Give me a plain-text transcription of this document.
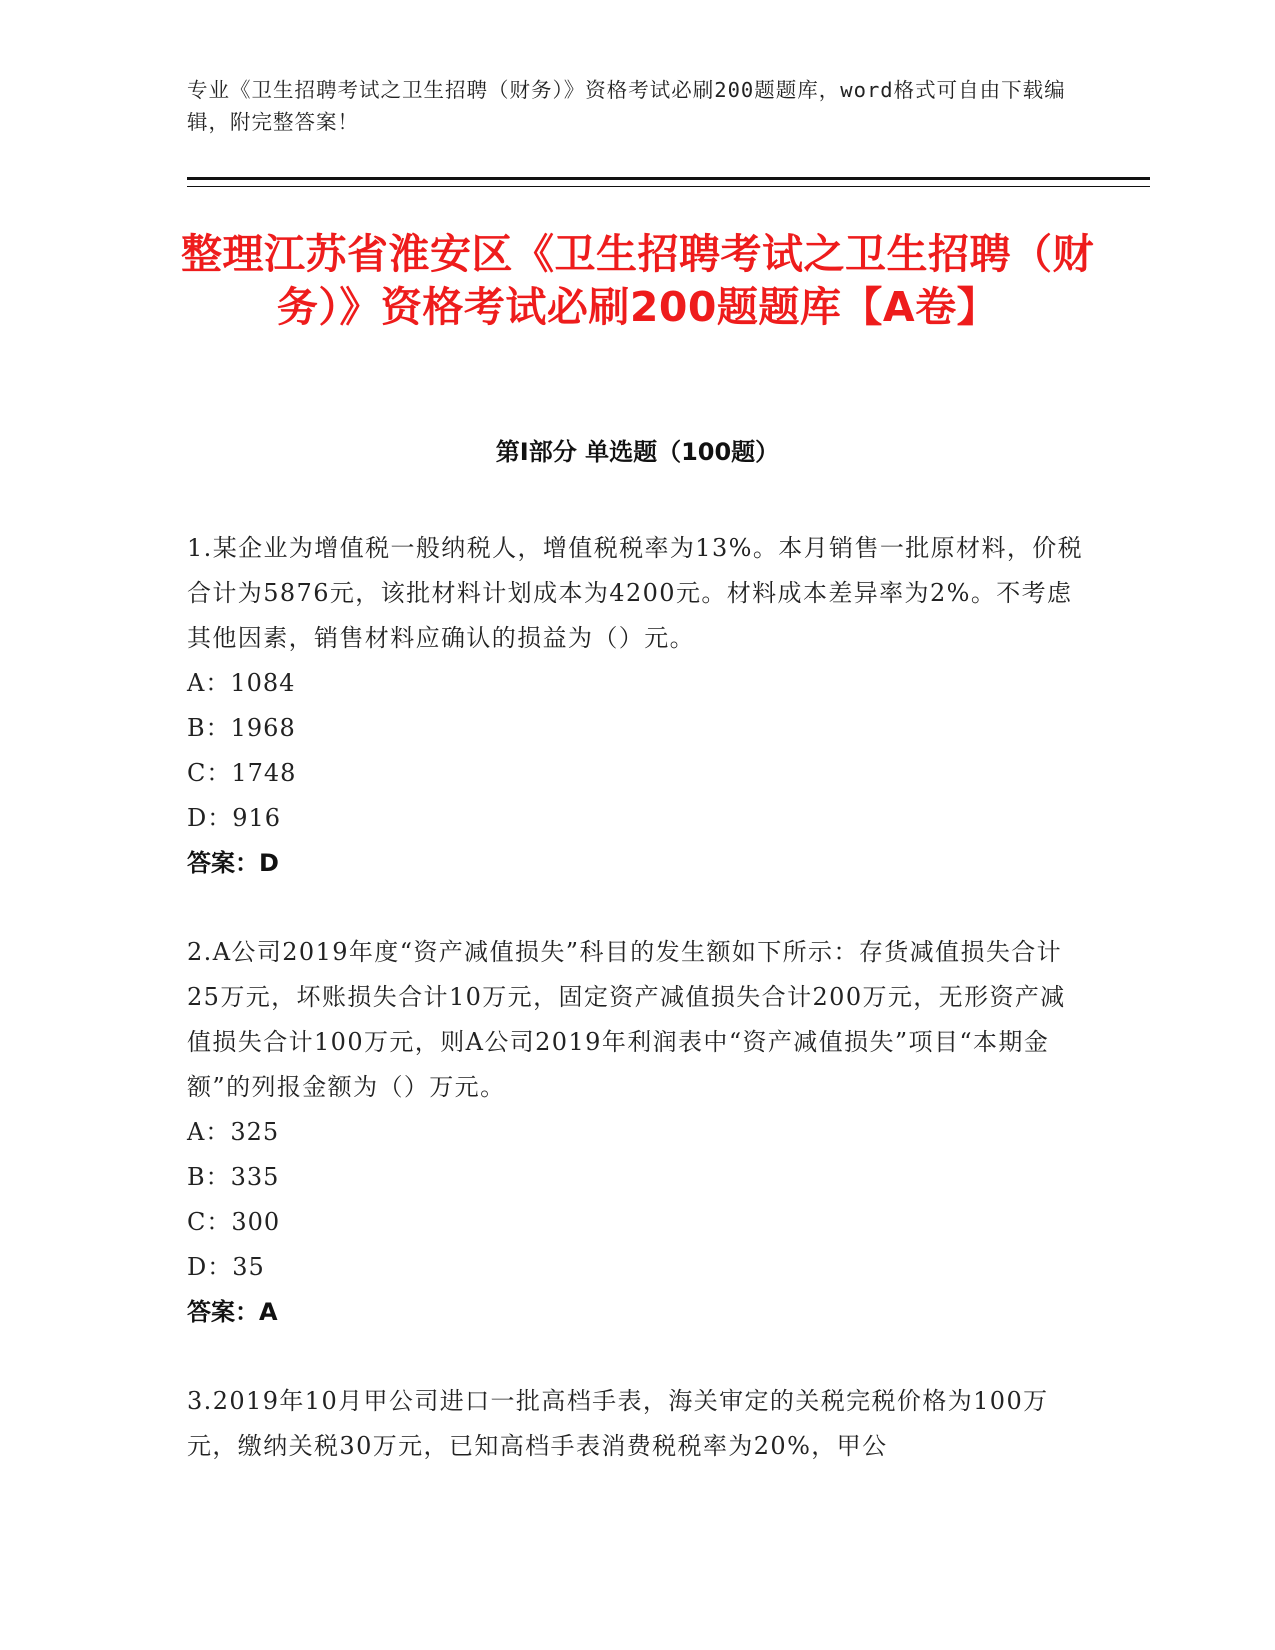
专业《卫生招聘考试之卫生招聘（财务）》资格考试必刷200题题库，word格式可自由下载编辑，附完整答案！
整理江苏省淮安区《卫生招聘考试之卫生招聘（财务）》资格考试必刷200题题库【A卷】
第I部分 单选题（100题）
1.某企业为增值税一般纳税人，增值税税率为13%。本月销售一批原材料，价税合计为5876元，该批材料计划成本为4200元。材料成本差异率为2%。不考虑其他因素，销售材料应确认的损益为（）元。
A：1084
B：1968
C：1748
D：916
答案：D
2.A公司2019年度“资产减值损失”科目的发生额如下所示：存货减值损失合计25万元，坏账损失合计10万元，固定资产减值损失合计200万元，无形资产减值损失合计100万元，则A公司2019年利润表中“资产减值损失”项目“本期金额”的列报金额为（）万元。
A：325
B：335
C：300
D：35
答案：A
3.2019年10月甲公司进口一批高档手表，海关审定的关税完税价格为100万元，缴纳关税30万元，已知高档手表消费税税率为20%，甲公
